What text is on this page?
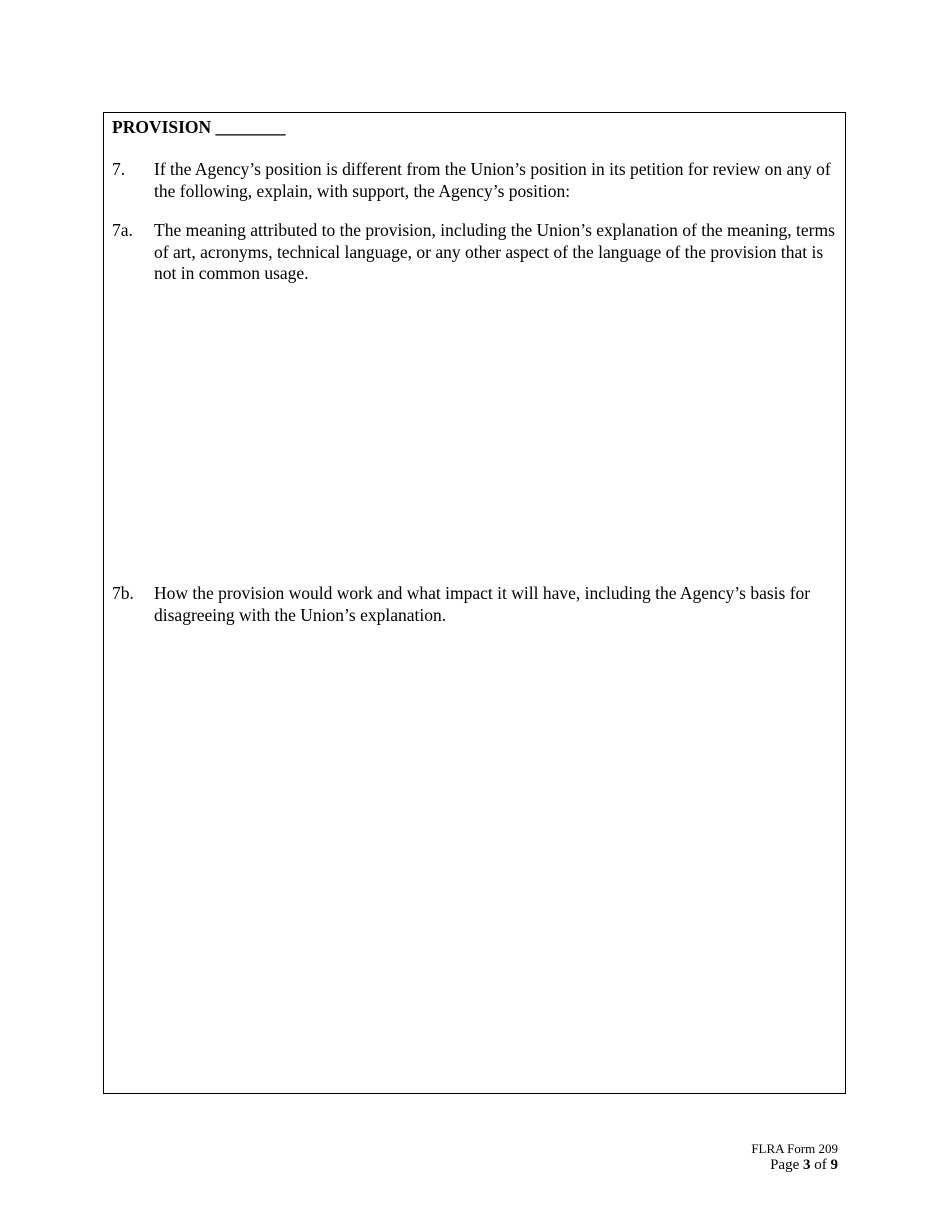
PROVISION ________
7.	If the Agency’s position is different from the Union’s position in its petition for review on any of the following, explain, with support, the Agency’s position:
7a.	The meaning attributed to the provision, including the Union’s explanation of the meaning, terms of art, acronyms, technical language, or any other aspect of the language of the provision that is not in common usage.
7b.	How the provision would work and what impact it will have, including the Agency’s basis for disagreeing with the Union’s explanation.
FLRA Form 209
Page 3 of 9
